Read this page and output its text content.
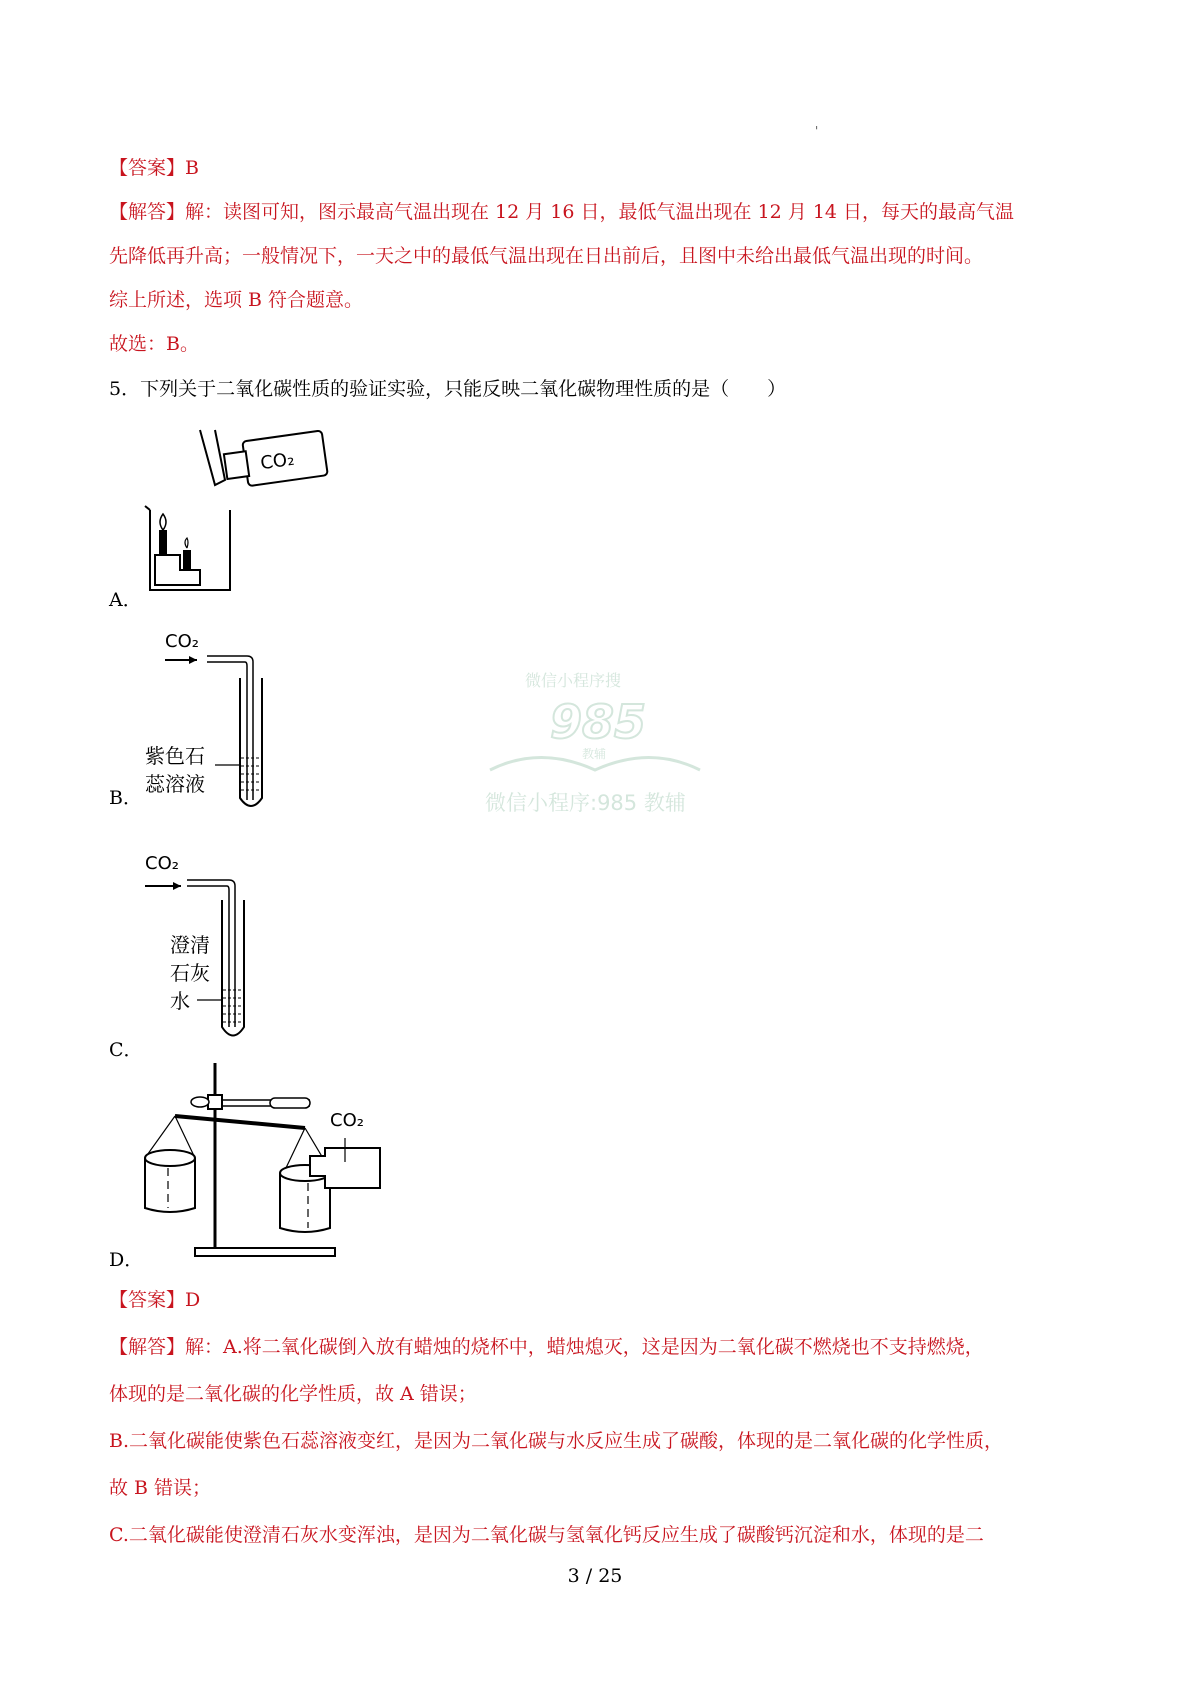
'
【答案】B
【解答】解：读图可知，图示最高气温出现在 12 月 16 日，最低气温出现在 12 月 14 日，每天的最高气温
先降低再升高；一般情况下，一天之中的最低气温出现在日出前后，且图中未给出最低气温出现的时间。
综上所述，选项 B 符合题意。
故选：B。
5．下列关于二氧化碳性质的验证实验，只能反映二氧化碳物理性质的是（　　）
A．
CO₂
B．
CO₂
紫色石
蕊溶液
C．
CO₂
澄清
石灰
水
D．
CO₂
微信小程序搜
985
教辅
微信小程序:985 教辅
【答案】D
【解答】解：A.将二氧化碳倒入放有蜡烛的烧杯中，蜡烛熄灭，这是因为二氧化碳不燃烧也不支持燃烧，
体现的是二氧化碳的化学性质，故 A 错误；
B.二氧化碳能使紫色石蕊溶液变红，是因为二氧化碳与水反应生成了碳酸，体现的是二氧化碳的化学性质，
故 B 错误；
C.二氧化碳能使澄清石灰水变浑浊，是因为二氧化碳与氢氧化钙反应生成了碳酸钙沉淀和水，体现的是二
3 / 25
